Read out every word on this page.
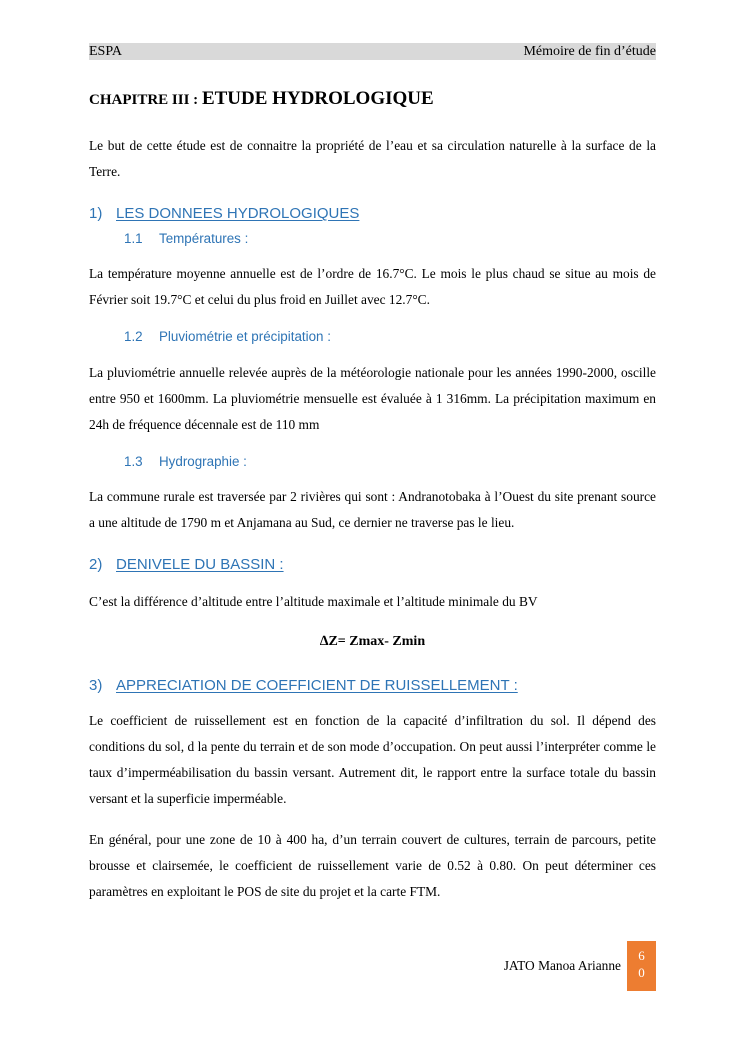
ESPA	Mémoire de fin d’étude
CHAPITRE III : ETUDE HYDROLOGIQUE

Le but de cette étude est de connaitre la propriété de l’eau et sa circulation naturelle à la surface de la Terre.

1) LES DONNEES HYDROLOGIQUES
1.1 Températures :

La température moyenne annuelle est de l’ordre de 16.7°C. Le mois le plus chaud se situe au mois de Février soit 19.7°C et celui du plus froid en Juillet avec 12.7°C.

1.2 Pluviométrie et précipitation :

La pluviométrie annuelle relevée auprès de la météorologie nationale pour les années 1990-2000, oscille entre 950 et 1600mm. La pluviométrie mensuelle est évaluée à 1 316mm. La précipitation maximum en 24h de fréquence décennale est de 110 mm

1.3 Hydrographie :

La commune rurale est traversée par 2 rivières qui sont : Andranotobaka à l’Ouest du site prenant source a une altitude de 1790 m et Anjamana au Sud, ce dernier ne traverse pas le lieu.

2) DENIVELE DU BASSIN :

C’est la différence d’altitude entre l’altitude maximale et l’altitude minimale du BV

∆Z= Zmax- Zmin
3) APPRECIATION DE COEFFICIENT DE RUISSELLEMENT :

Le coefficient de ruissellement est en fonction de la capacité d’infiltration du sol. Il dépend des conditions du sol, d la pente du terrain et de son mode d’occupation. On peut aussi l’interpréter comme le taux d’imperméabilisation du bassin versant. Autrement dit, le rapport entre la surface totale du bassin versant et la superficie imperméable.

En général, pour une zone de 10 à 400 ha, d’un terrain couvert de cultures, terrain de parcours, petite brousse et clairsemée, le coefficient de ruissellement varie de 0.52 à 0.80. On peut déterminer ces paramètres en exploitant le POS de site du projet et la carte FTM.

JATO Manoa Arianne
6
0
